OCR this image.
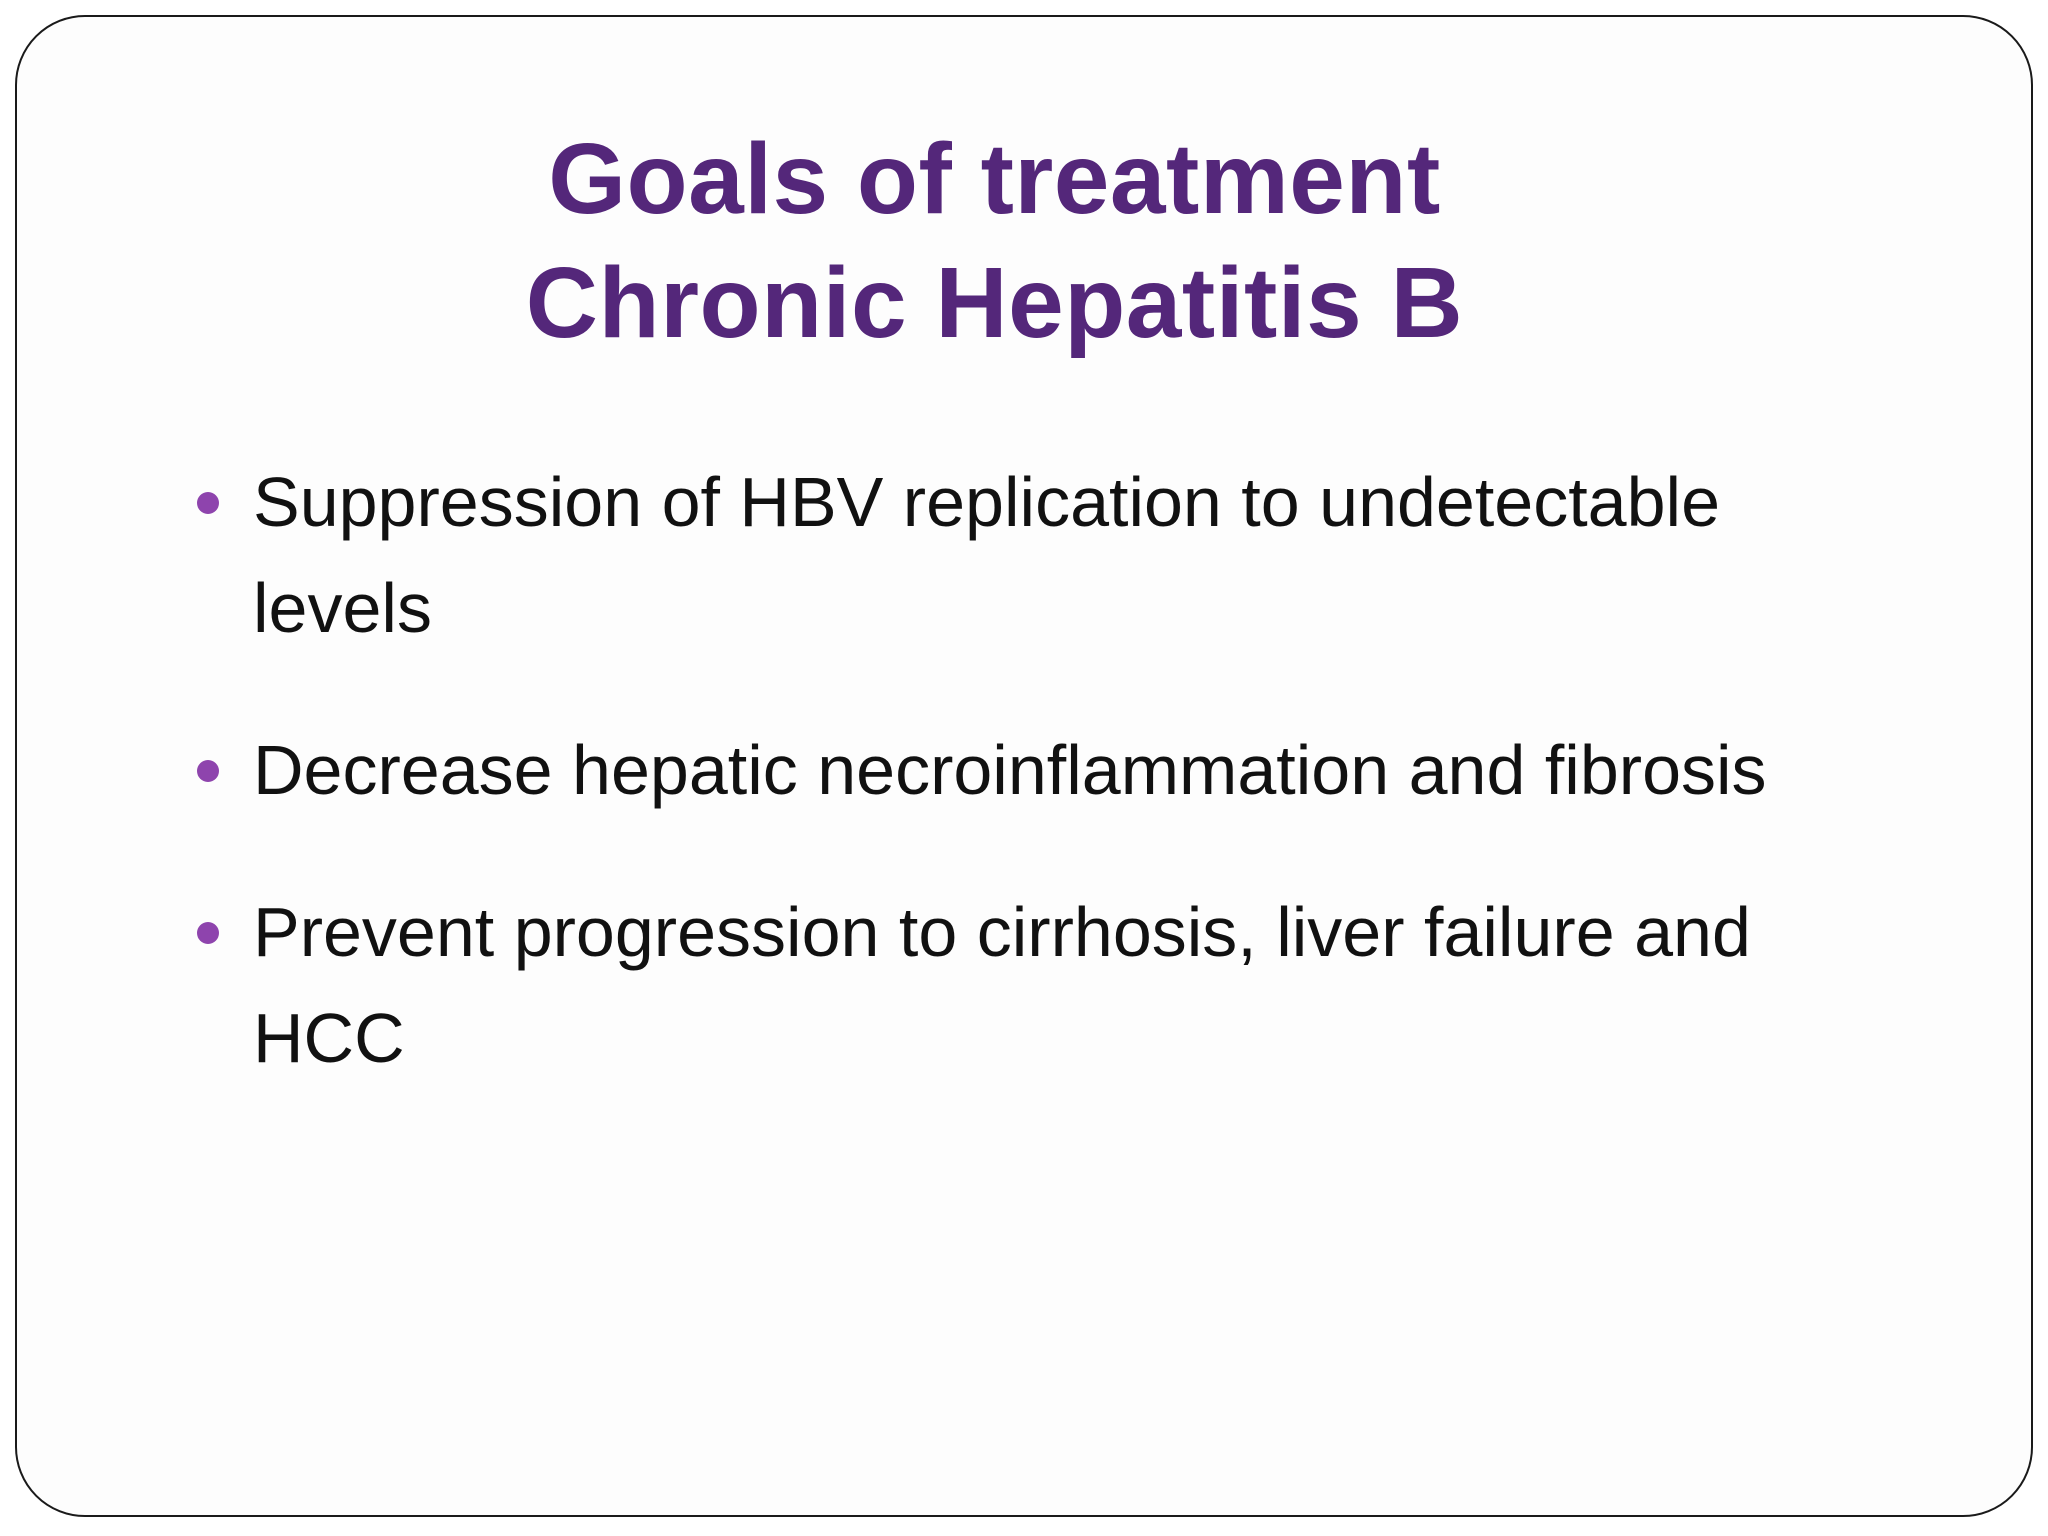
Goals of treatment
Chronic Hepatitis B
Suppression of HBV replication to undetectable levels
Decrease hepatic necroinflammation and fibrosis
Prevent progression to cirrhosis, liver failure and HCC
